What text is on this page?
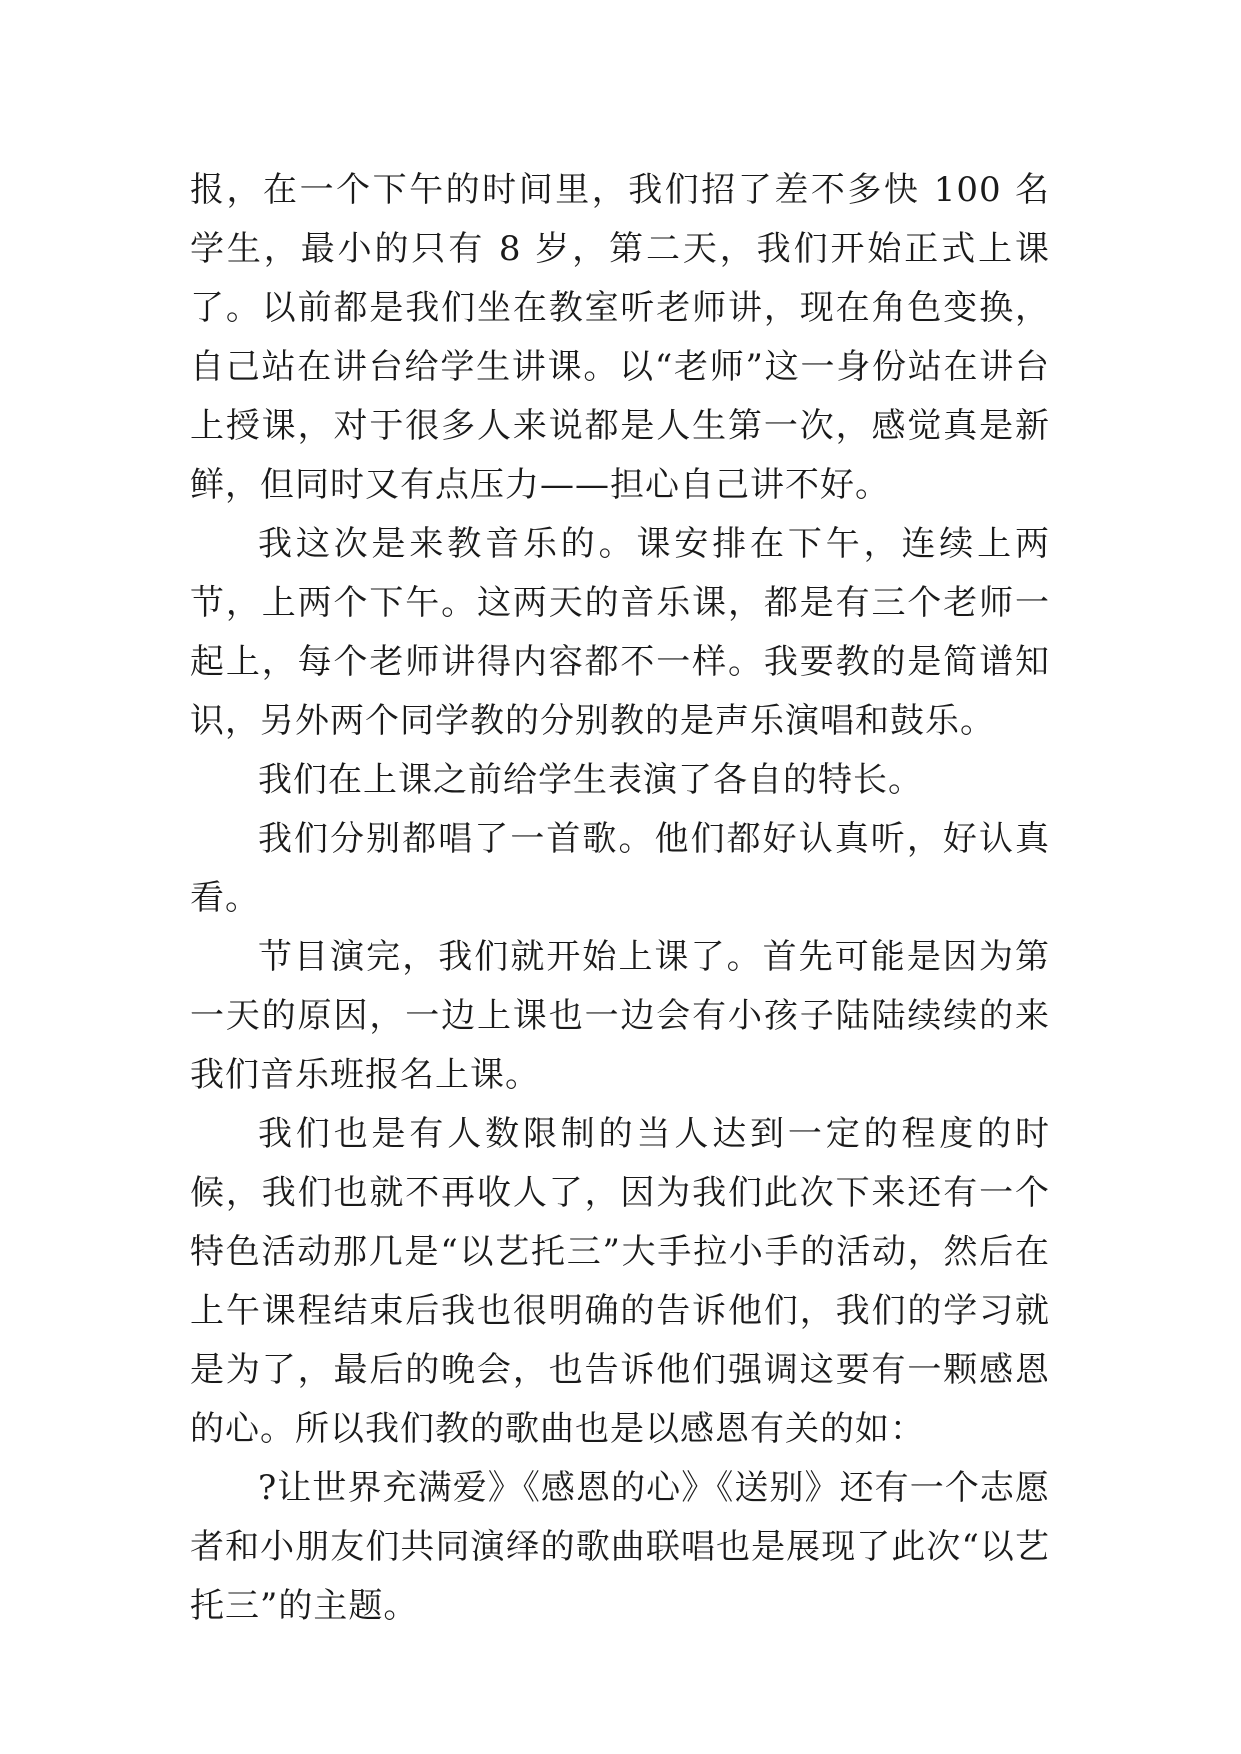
报，在一个下午的时间里，我们招了差不多快 100 名学生，最小的只有 8 岁，第二天，我们开始正式上课了。以前都是我们坐在教室听老师讲，现在角色变换，自己站在讲台给学生讲课。以“老师”这一身份站在讲台上授课，对于很多人来说都是人生第一次，感觉真是新鲜，但同时又有点压力——担心自己讲不好。

我这次是来教音乐的。课安排在下午，连续上两节，上两个下午。这两天的音乐课，都是有三个老师一起上，每个老师讲得内容都不一样。我要教的是简谱知识，另外两个同学教的分别教的是声乐演唱和鼓乐。

我们在上课之前给学生表演了各自的特长。

我们分别都唱了一首歌。他们都好认真听，好认真看。

节目演完，我们就开始上课了。首先可能是因为第一天的原因，一边上课也一边会有小孩子陆陆续续的来我们音乐班报名上课。

我们也是有人数限制的当人达到一定的程度的时候，我们也就不再收人了，因为我们此次下来还有一个特色活动那几是“以艺托三”大手拉小手的活动，然后在上午课程结束后我也很明确的告诉他们，我们的学习就是为了，最后的晚会，也告诉他们强调这要有一颗感恩的心。所以我们教的歌曲也是以感恩有关的如：

?让世界充满爱》《感恩的心》《送别》还有一个志愿者和小朋友们共同演绎的歌曲联唱也是展现了此次“以艺托三”的主题。
